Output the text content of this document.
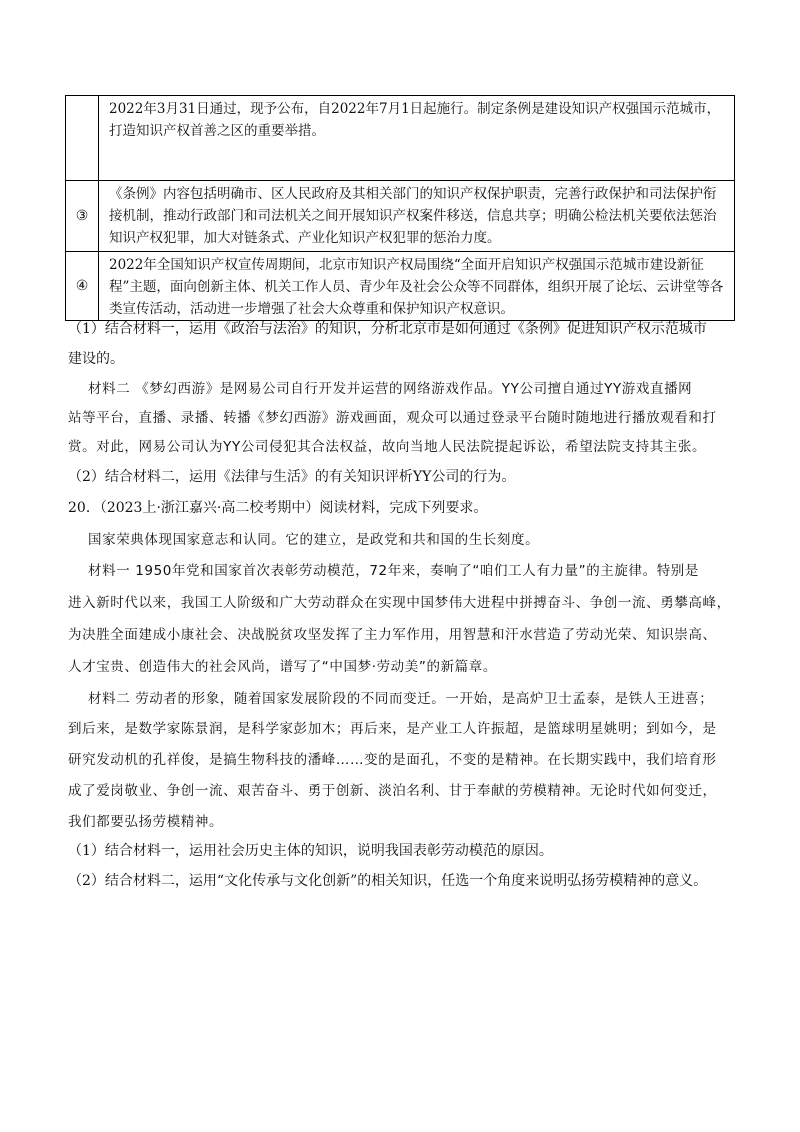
	2022年3月31日通过，现予公布，自2022年7月1日起施行。制定条例是建设知识产权强国示范城市，打造知识产权首善之区的重要举措。
③	《条例》内容包括明确市、区人民政府及其相关部门的知识产权保护职责，完善行政保护和司法保护衔接机制，推动行政部门和司法机关之间开展知识产权案件移送，信息共享；明确公检法机关要依法惩治知识产权犯罪，加大对链条式、产业化知识产权犯罪的惩治力度。
④	2022年全国知识产权宣传周期间，北京市知识产权局围绕“全面开启知识产权强国示范城市建设新征程”主题，面向创新主体、机关工作人员、青少年及社会公众等不同群体，组织开展了论坛、云讲堂等各类宣传活动，活动进一步增强了社会大众尊重和保护知识产权意识。
（1）结合材料一，运用《政治与法治》的知识，分析北京市是如何通过《条例》促进知识产权示范城市
建设的。
材料二 《梦幻西游》是网易公司自行开发并运营的网络游戏作品。YY公司擅自通过YY游戏直播网
站等平台，直播、录播、转播《梦幻西游》游戏画面，观众可以通过登录平台随时随地进行播放观看和打
赏。对此，网易公司认为YY公司侵犯其合法权益，故向当地人民法院提起诉讼，希望法院支持其主张。
（2）结合材料二，运用《法律与生活》的有关知识评析YY公司的行为。
20．（2023上·浙江嘉兴·高二校考期中）阅读材料，完成下列要求。
国家荣典体现国家意志和认同。它的建立，是政党和共和国的生长刻度。
材料一 1950年党和国家首次表彰劳动模范，72年来，奏响了“咱们工人有力量”的主旋律。特别是
进入新时代以来，我国工人阶级和广大劳动群众在实现中国梦伟大进程中拼搏奋斗、争创一流、勇攀高峰，
为决胜全面建成小康社会、决战脱贫攻坚发挥了主力军作用，用智慧和汗水营造了劳动光荣、知识崇高、
人才宝贵、创造伟大的社会风尚，谱写了“中国梦·劳动美”的新篇章。
材料二 劳动者的形象，随着国家发展阶段的不同而变迁。一开始，是高炉卫士孟泰，是铁人王进喜；
到后来，是数学家陈景润，是科学家彭加木；再后来，是产业工人许振超，是篮球明星姚明；到如今，是
研究发动机的孔祥俊，是搞生物科技的潘峰……变的是面孔，不变的是精神。在长期实践中，我们培育形
成了爱岗敬业、争创一流、艰苦奋斗、勇于创新、淡泊名利、甘于奉献的劳模精神。无论时代如何变迁，
我们都要弘扬劳模精神。
（1）结合材料一，运用社会历史主体的知识，说明我国表彰劳动模范的原因。
（2）结合材料二，运用“文化传承与文化创新”的相关知识，任选一个角度来说明弘扬劳模精神的意义。
